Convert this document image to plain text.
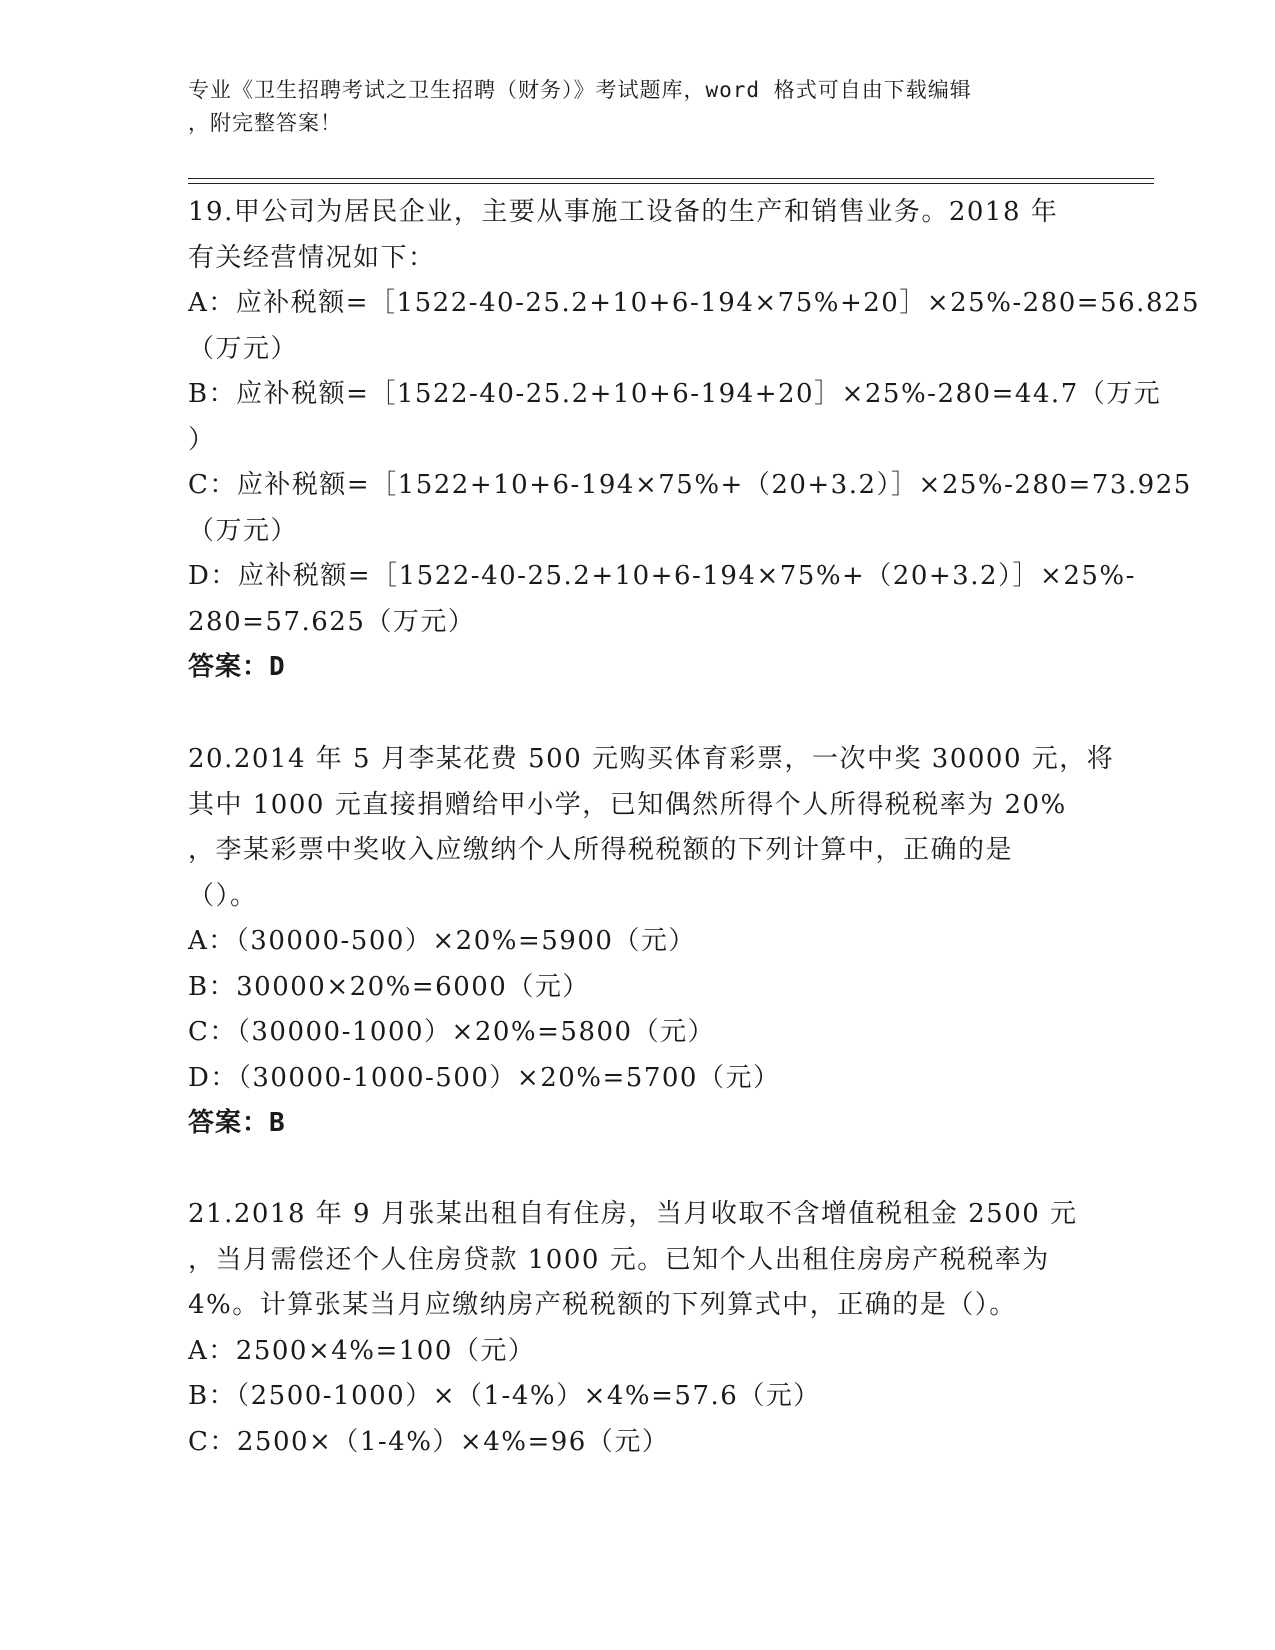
专业《卫生招聘考试之卫生招聘（财务）》考试题库，word 格式可自由下载编辑
，附完整答案！
19.甲公司为居民企业，主要从事施工设备的生产和销售业务。2018 年
有关经营情况如下：
A：应补税额=［1522-40-25.2+10+6-194×75%+20］×25%-280=56.825
（万元）
B：应补税额=［1522-40-25.2+10+6-194+20］×25%-280=44.7（万元
）
C：应补税额=［1522+10+6-194×75%+（20+3.2）］×25%-280=73.925
（万元）
D：应补税额=［1522-40-25.2+10+6-194×75%+（20+3.2）］×25%-
280=57.625（万元）
答案：D
20.2014 年 5 月李某花费 500 元购买体育彩票，一次中奖 30000 元，将
其中 1000 元直接捐赠给甲小学，已知偶然所得个人所得税税率为 20%
，李某彩票中奖收入应缴纳个人所得税税额的下列计算中，正确的是
（）。
A：（30000-500）×20%=5900（元）
B：30000×20%=6000（元）
C：（30000-1000）×20%=5800（元）
D：（30000-1000-500）×20%=5700（元）
答案：B
21.2018 年 9 月张某出租自有住房，当月收取不含增值税租金 2500 元
，当月需偿还个人住房贷款 1000 元。已知个人出租住房房产税税率为
4%。计算张某当月应缴纳房产税税额的下列算式中，正确的是（）。
A：2500×4%=100（元）
B：（2500-1000）×（1-4%）×4%=57.6（元）
C：2500×（1-4%）×4%=96（元）
